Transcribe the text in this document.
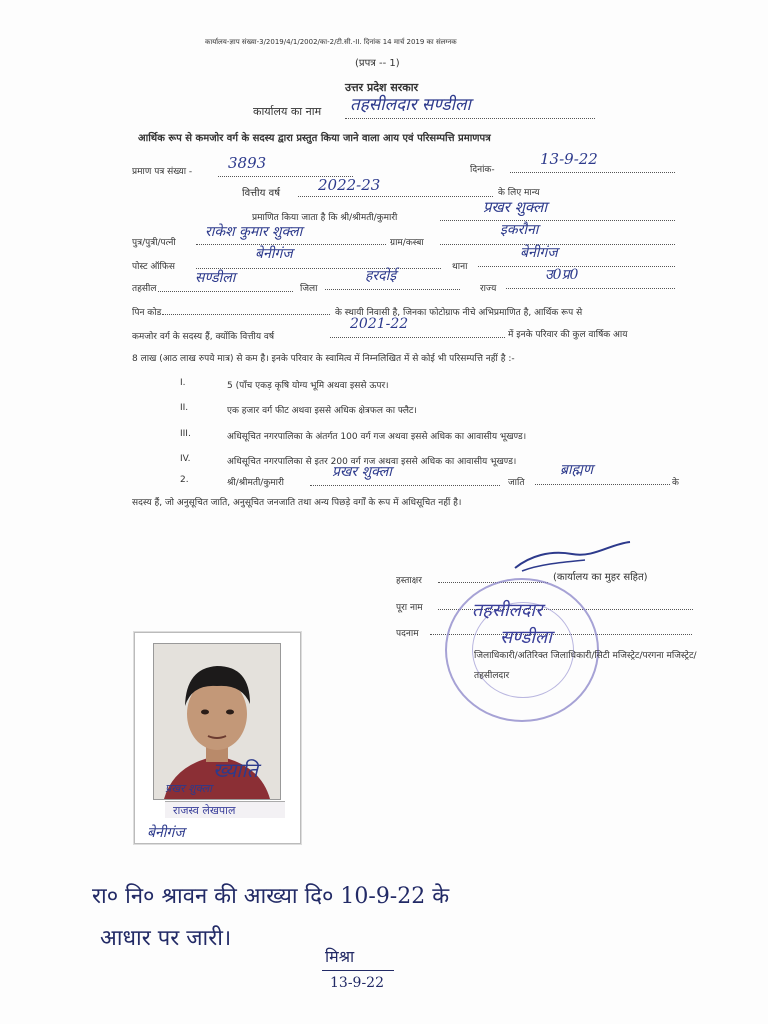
कार्यालय-ज्ञाप संख्या-3/2019/4/1/2002/का-2/टी.सी.-II. दिनांक 14 मार्च 2019 का संलग्नक
(प्रपत्र -- 1)
उत्तर प्रदेश सरकार
कार्यालय का नाम तहसीलदार सण्डीला
आर्थिक रूप से कमजोर वर्ग के सदस्य द्वारा प्रस्तुत किया जाने वाला आय एवं परिसम्पत्ति प्रमाणपत्र
प्रमाण पत्र संख्या - 3893	दिनांक-
13-9-22
वित्तीय वर्ष	2022-23	के लिए मान्य
प्रमाणित किया जाता है कि श्री/श्रीमती/कुमारी
प्रखर शुक्ला
पुत्र/पुत्री/पत्नी
राकेश कुमार शुक्ला
ग्राम/कस्बा
इकरौना
पोस्ट ऑफिस
बेनीगंज
थाना
बेनीगंज
तहसील
सण्डीला
जिला
हरदोई
राज्य
उ0प्र0
पिन कोड	के स्थायी निवासी है, जिनका फोटोग्राफ नीचे अभिप्रमाणित है, आर्थिक रूप से
कमजोर वर्ग के सदस्य हैं, क्योंकि वित्तीय वर्ष
2021-22
में इनके परिवार की कुल वार्षिक आय
8 लाख (आठ लाख रुपये मात्र) से कम है। इनके परिवार के स्वामित्व में निम्नलिखित में से कोई भी परिसम्पत्ति नहीं है :-
I.	5 (पाँच एकड़ कृषि योग्य भूमि अथवा इससे ऊपर।
II.	एक हजार वर्ग फीट अथवा इससे अधिक क्षेत्रफल का फ्लैट।
III.	अधिसूचित नगरपालिका के अंतर्गत 100 वर्ग गज अथवा इससे अधिक का आवासीय भूखण्ड।
IV.	अधिसूचित नगरपालिका से इतर 200 वर्ग गज अथवा इससे अधिक का आवासीय भूखण्ड।
2.	श्री/श्रीमती/कुमारी
प्रखर शुक्ला
जाति
ब्राह्मण
के
सदस्य हैं, जो अनुसूचित जाति, अनुसूचित जनजाति तथा अन्य पिछड़े वर्गों के रूप में अधिसूचित नहीं है।
हस्ताक्षर	(कार्यालय का मुहर सहित)
पूरा नाम
पदनाम
तहसीलदार
सण्डीला
जिलाधिकारी/अतिरिक्त जिलाधिकारी/सिटी मजिस्ट्रेट/परगना मजिस्ट्रेट/तहसीलदार
ख्याति
प्रखर शुक्ला
राजस्व लेखपाल
बेनीगंज
रा० नि० श्रावन की आख्या दि० 10-9-22 के
आधार पर जारी।
मिश्रा
13-9-22
